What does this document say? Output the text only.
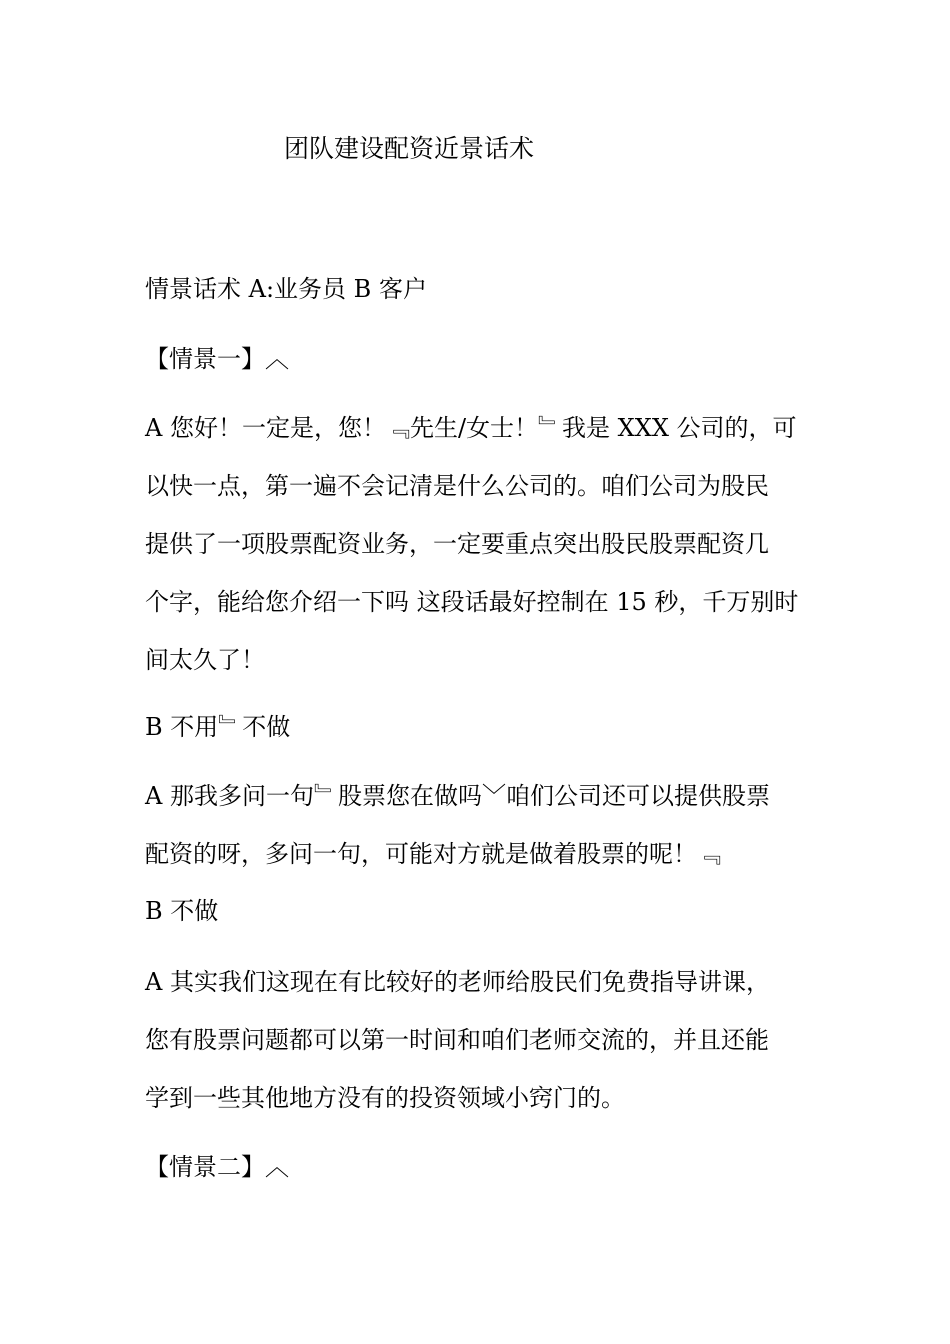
团队建设配资近景话术

情景话术 A:业务员 B 客户

【情景一】︿

A 您好！一定是，您！﹃先生/女士！﹄我是 XXX 公司的，可

以快一点，第一遍不会记清是什么公司的。咱们公司为股民

提供了一项股票配资业务，一定要重点突出股民股票配资几

个字，能给您介绍一下吗 这段话最好控制在 15 秒，千万别时

间太久了！

B 不用﹄不做

A 那我多问一句﹄股票您在做吗﹀咱们公司还可以提供股票

配资的呀，多问一句，可能对方就是做着股票的呢！﹃

B 不做

A 其实我们这现在有比较好的老师给股民们免费指导讲课，

您有股票问题都可以第一时间和咱们老师交流的，并且还能

学到一些其他地方没有的投资领域小窍门的。

【情景二】︿
